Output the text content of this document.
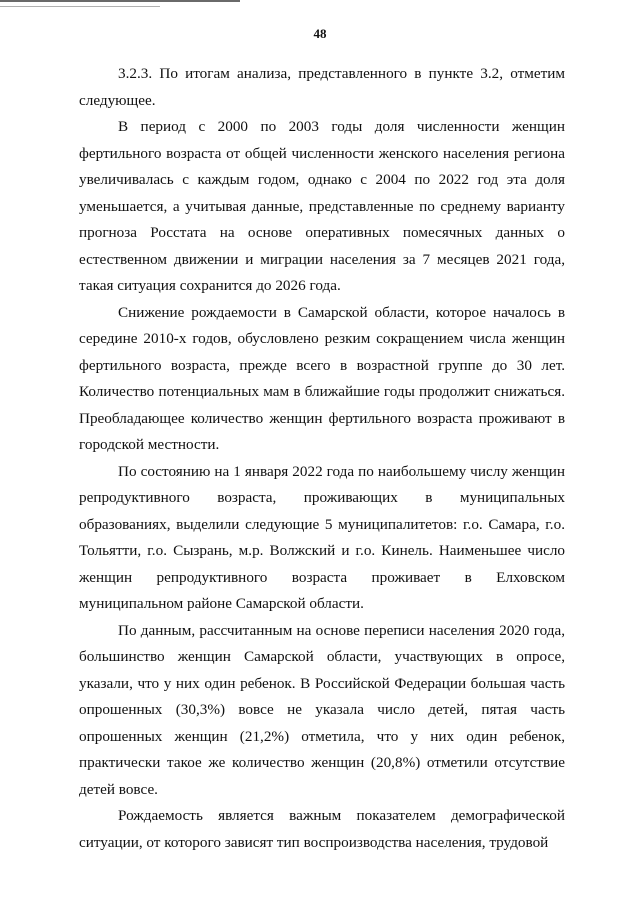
48

3.2.3. По итогам анализа, представленного в пункте 3.2, отметим следующее.

В период с 2000 по 2003 годы доля численности женщин фертильного возраста от общей численности женского населения региона увеличивалась с каждым годом, однако с 2004 по 2022 год эта доля уменьшается, а учитывая данные, представленные по среднему варианту прогноза Росстата на основе оперативных помесячных данных о естественном движении и миграции населения за 7 месяцев 2021 года, такая ситуация сохранится до 2026 года.

Снижение рождаемости в Самарской области, которое началось в середине 2010-х годов, обусловлено резким сокращением числа женщин фертильного возраста, прежде всего в возрастной группе до 30 лет. Количество потенциальных мам в ближайшие годы продолжит снижаться. Преобладающее количество женщин фертильного возраста проживают в городской местности.

По состоянию на 1 января 2022 года по наибольшему числу женщин репродуктивного возраста, проживающих в муниципальных образованиях, выделили следующие 5 муниципалитетов: г.о. Самара, г.о. Тольятти, г.о. Сызрань, м.р. Волжский и г.о. Кинель. Наименьшее число женщин репродуктивного возраста проживает в Елховском муниципальном районе Самарской области.

По данным, рассчитанным на основе переписи населения 2020 года, большинство женщин Самарской области, участвующих в опросе, указали, что у них один ребенок. В Российской Федерации большая часть опрошенных (30,3%) вовсе не указала число детей, пятая часть опрошенных женщин (21,2%) отметила, что у них один ребенок, практически такое же количество женщин (20,8%) отметили отсутствие детей вовсе.

Рождаемость является важным показателем демографической ситуации, от которого зависят тип воспроизводства населения, трудовой
